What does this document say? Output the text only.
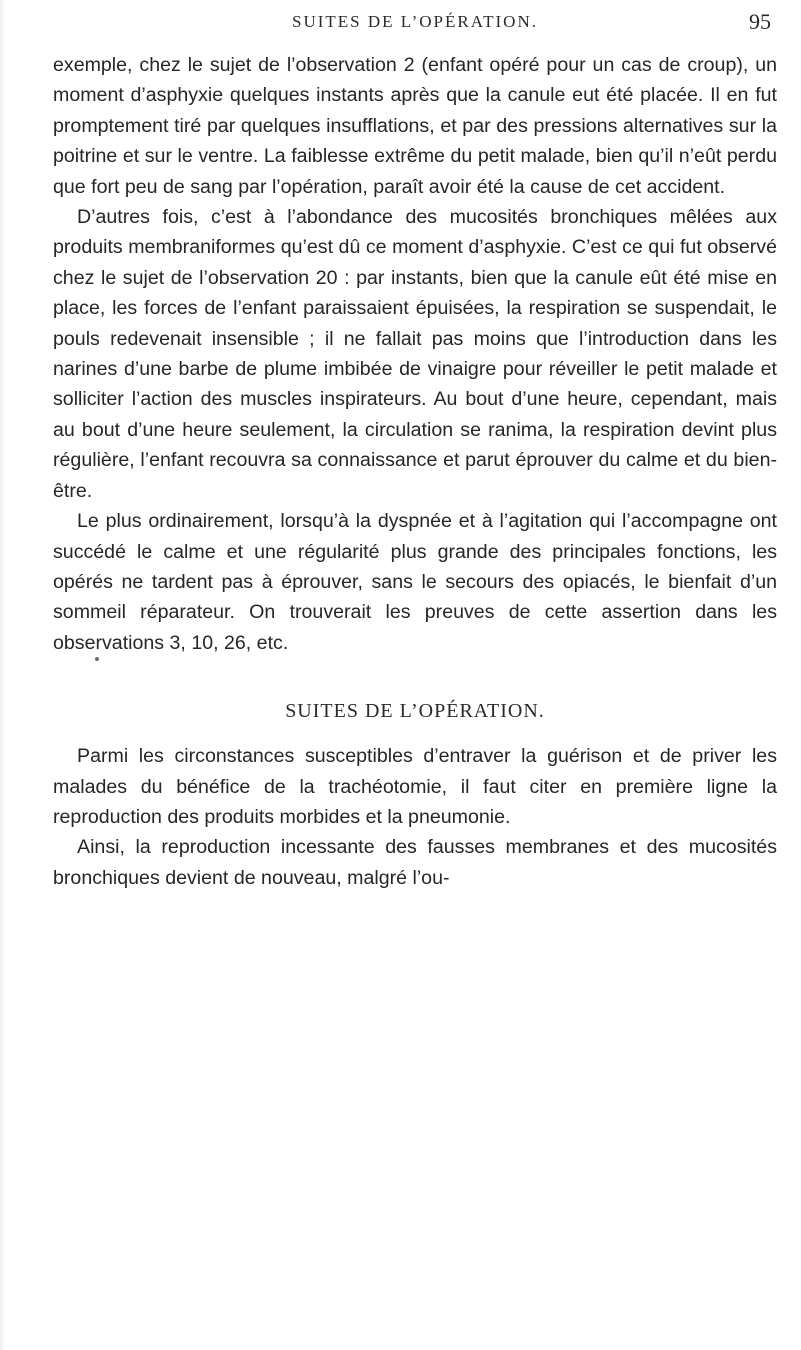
SUITES DE L’OPÉRATION.	95

exemple, chez le sujet de l’observation 2 (enfant opéré pour un cas de croup), un moment d’asphyxie quelques instants après que la canule eut été placée. Il en fut promptement tiré par quelques insufflations, et par des pressions alternatives sur la poitrine et sur le ventre. La faiblesse extrême du petit malade, bien qu’il n’eût perdu que fort peu de sang par l’opération, paraît avoir été la cause de cet accident.

D’autres fois, c’est à l’abondance des mucosités bronchiques mêlées aux produits membraniformes qu’est dû ce moment d’asphyxie. C’est ce qui fut observé chez le sujet de l’observation 20 : par instants, bien que la canule eût été mise en place, les forces de l’enfant paraissaient épuisées, la respiration se suspendait, le pouls redevenait insensible ; il ne fallait pas moins que l’introduction dans les narines d’une barbe de plume imbibée de vinaigre pour réveiller le petit malade et solliciter l’action des muscles inspirateurs. Au bout d’une heure, cependant, mais au bout d’une heure seulement, la circulation se ranima, la respiration devint plus régulière, l’enfant recouvra sa connaissance et parut éprouver du calme et du bien-être.

Le plus ordinairement, lorsqu’à la dyspnée et à l’agitation qui l’accompagne ont succédé le calme et une régularité plus grande des principales fonctions, les opérés ne tardent pas à éprouver, sans le secours des opiacés, le bienfait d’un sommeil réparateur. On trouverait les preuves de cette assertion dans les observations 3, 10, 26, etc.

SUITES DE L’OPÉRATION.

Parmi les circonstances susceptibles d’entraver la guérison et de priver les malades du bénéfice de la trachéotomie, il faut citer en première ligne la reproduction des produits morbides et la pneumonie.

Ainsi, la reproduction incessante des fausses membranes et des mucosités bronchiques devient de nouveau, malgré l’ou-
